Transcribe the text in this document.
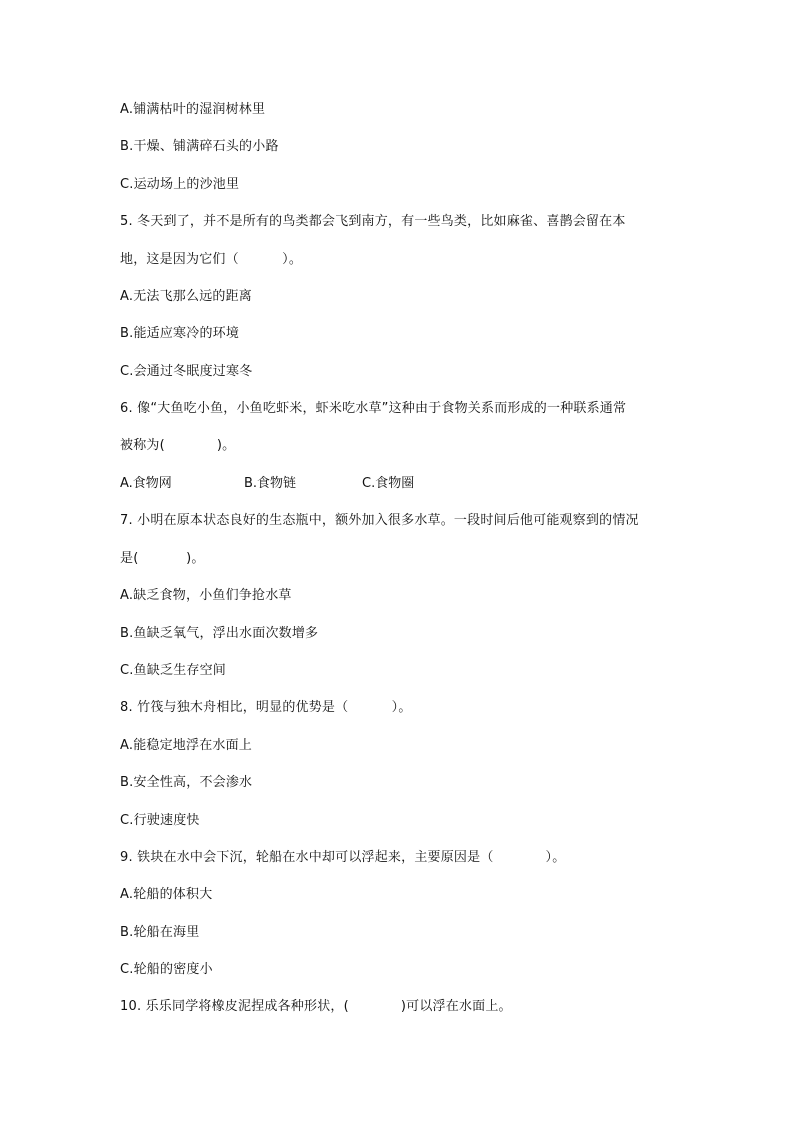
A.铺满枯叶的湿润树林里
B.干燥、铺满碎石头的小路
C.运动场上的沙池里
5. 冬天到了，并不是所有的鸟类都会飞到南方，有一些鸟类，比如麻雀、喜鹊会留在本
地，这是因为它们（          ）。
A.无法飞那么远的距离
B.能适应寒冷的环境
C.会通过冬眠度过寒冬
6. 像“大鱼吃小鱼，小鱼吃虾米，虾米吃水草”这种由于食物关系而形成的一种联系通常
被称为(            )。

A.食物网

	B.食物链

	C.食物圈

7. 小明在原本状态良好的生态瓶中，额外加入很多水草。一段时间后他可能观察到的情况
是(           )。
A.缺乏食物，小鱼们争抢水草
B.鱼缺乏氧气，浮出水面次数增多
C.鱼缺乏生存空间
8. 竹筏与独木舟相比，明显的优势是（          ）。
A.能稳定地浮在水面上
B.安全性高，不会渗水
C.行驶速度快
9. 铁块在水中会下沉，轮船在水中却可以浮起来，主要原因是（            ）。
A.轮船的体积大
B.轮船在海里
C.轮船的密度小
10. 乐乐同学将橡皮泥捏成各种形状，(            )可以浮在水面上。
